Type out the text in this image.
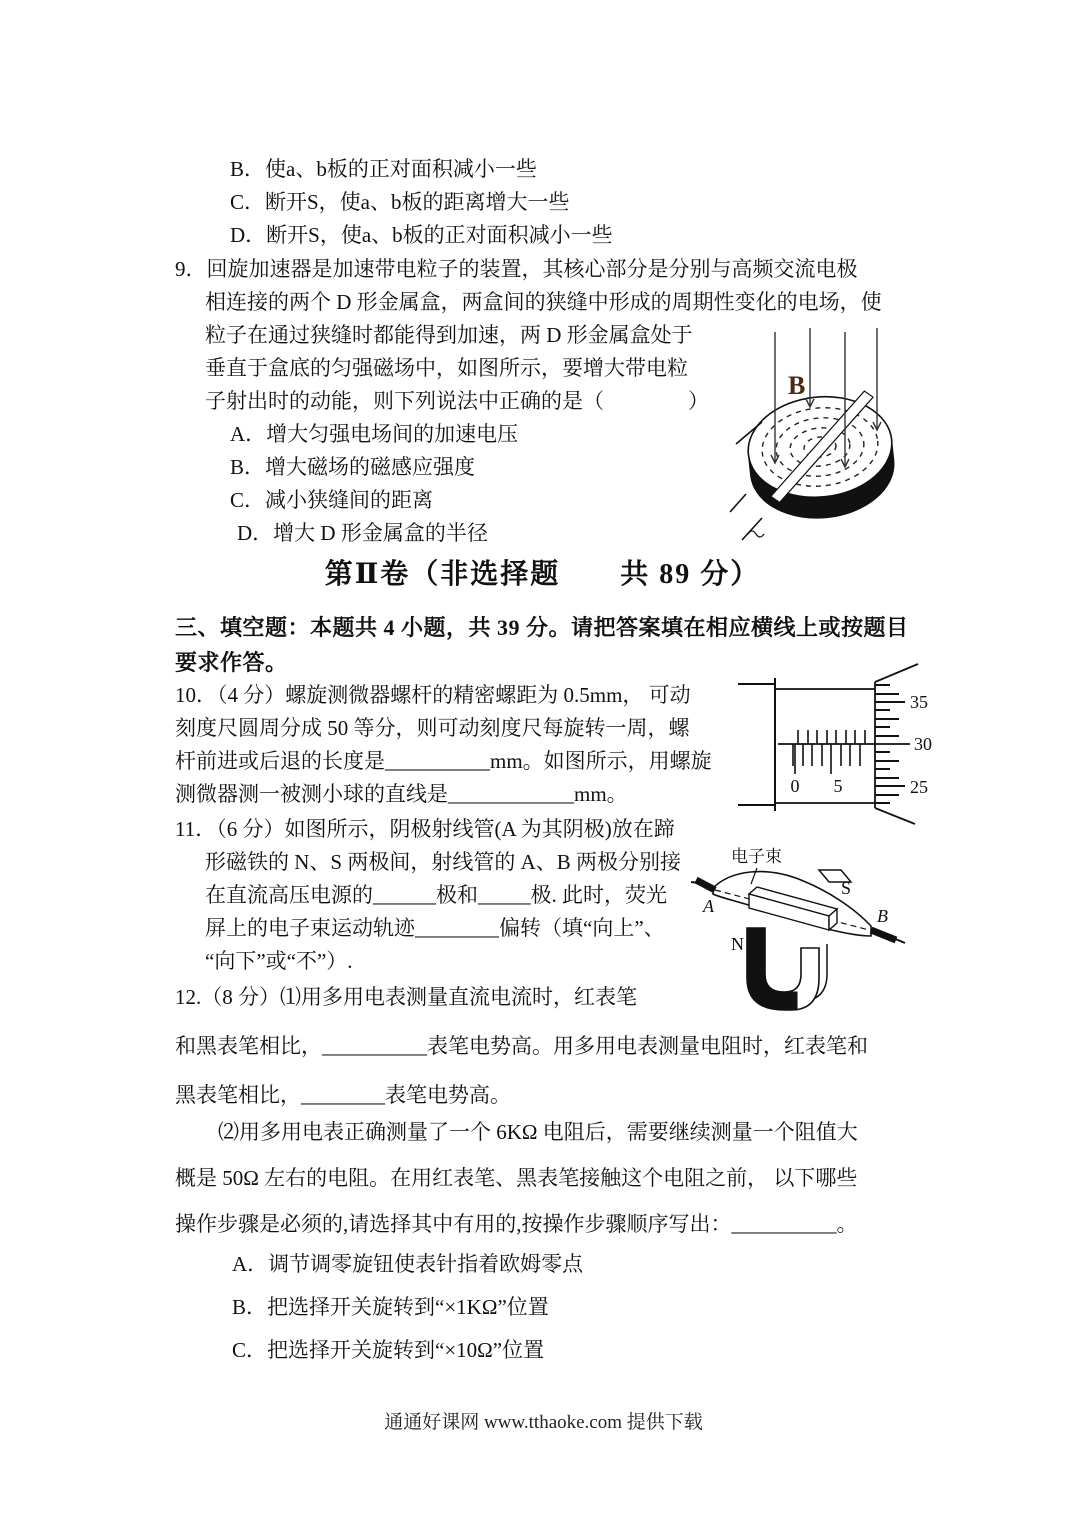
B．使a、b板的正对面积减小一些
C．断开S，使a、b板的距离增大一些
D．断开S，使a、b板的正对面积减小一些
9．回旋加速器是加速带电粒子的装置，其核心部分是分别与高频交流电极
相连接的两个 D 形金属盒，两盒间的狭缝中形成的周期性变化的电场，使
粒子在通过狭缝时都能得到加速，两 D 形金属盒处于
垂直于盒底的匀强磁场中，如图所示，要增大带电粒
子射出时的动能，则下列说法中正确的是（　　　　）
A．增大匀强电场间的加速电压
B．增大磁场的磁感应强度
C．减小狭缝间的距离
D．增大 D 形金属盒的半径
B
第Ⅱ卷（非选择题　　共 89 分）
三、填空题：本题共 4 小题，共 39 分。请把答案填在相应横线上或按题目
要求作答。
10．（4 分）螺旋测微器螺杆的精密螺距为 0.5mm， 可动
刻度尺圆周分成 50 等分，则可动刻度尺每旋转一周，螺
杆前进或后退的长度是__________mm。如图所示，用螺旋
测微器测一被测小球的直线是____________mm。	0 5
35
30
25
11．（6 分）如图所示，阴极射线管(A 为其阴极)放在蹄
形磁铁的 N、S 两极间，射线管的 A、B 两极分别接
在直流高压电源的______极和_____极. 此时，荧光
屏上的电子束运动轨迹________偏转（填“向上”、
“向下”或“不”）.
电子束
A	B
S
N
12.（8 分）⑴用多用电表测量直流电流时，红表笔
和黑表笔相比，__________表笔电势高。用多用电表测量电阻时，红表笔和
黑表笔相比，________表笔电势高。
⑵用多用电表正确测量了一个 6KΩ 电阻后，需要继续测量一个阻值大
概是 50Ω 左右的电阻。在用红表笔、黑表笔接触这个电阻之前， 以下哪些
操作步骤是必须的,请选择其中有用的,按操作步骤顺序写出：__________。
A．调节调零旋钮使表针指着欧姆零点
B．把选择开关旋转到“×1KΩ”位置
C．把选择开关旋转到“×10Ω”位置
通通好课网 www.tthaoke.com 提供下载
